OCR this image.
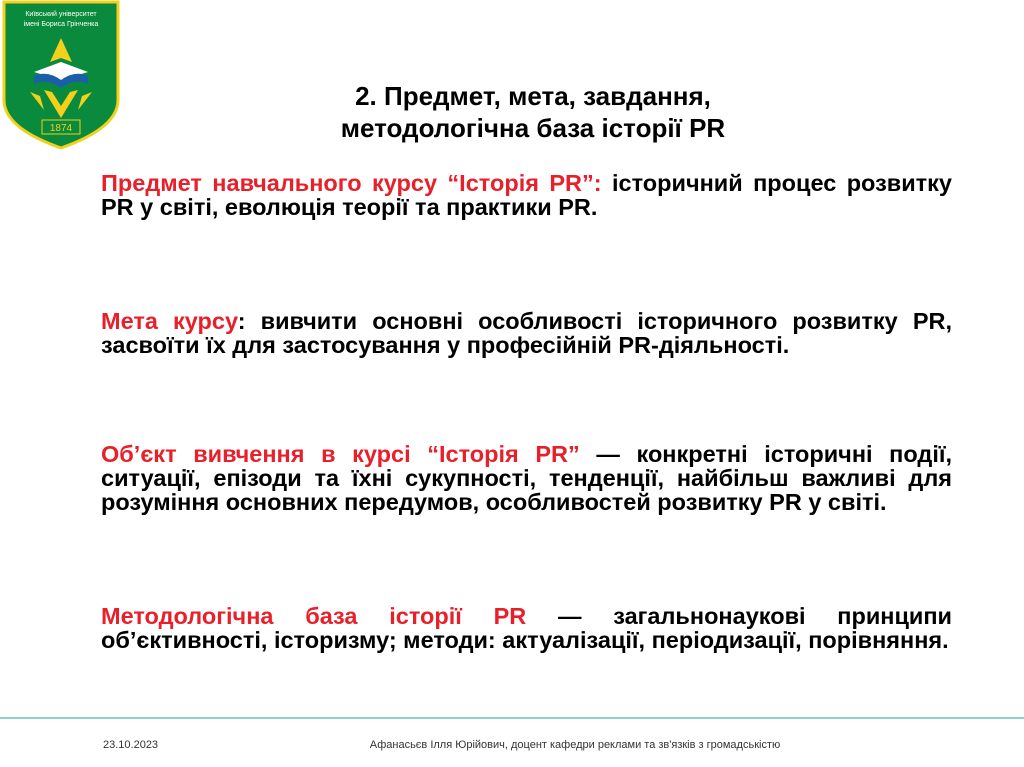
Київський університет
імені Бориса Грінченка
1874
2. Предмет, мета, завдання,
методологічна база історії PR
Предмет навчального курсу “Історія PR”: історичний процес розвитку PR у світі, еволюція теорії та практики PR.
Мета курсу: вивчити основні особливості історичного розвитку PR, засвоїти їх для застосування у професійній PR-діяльності.
Об’єкт вивчення в курсі “Історія PR” — конкретні історичні події, ситуації, епізоди та їхні сукупності, тенденції, найбільш важливі для розуміння основних передумов, особливостей розвитку PR у світі.
Методологічна база історії PR — загальнонаукові принципи об’єктивності, історизму; методи: актуалізації, періодизації, порівняння.
23.10.2023	Афанасьєв Ілля Юрійович, доцент кафедри реклами та зв'язків з громадськістю
